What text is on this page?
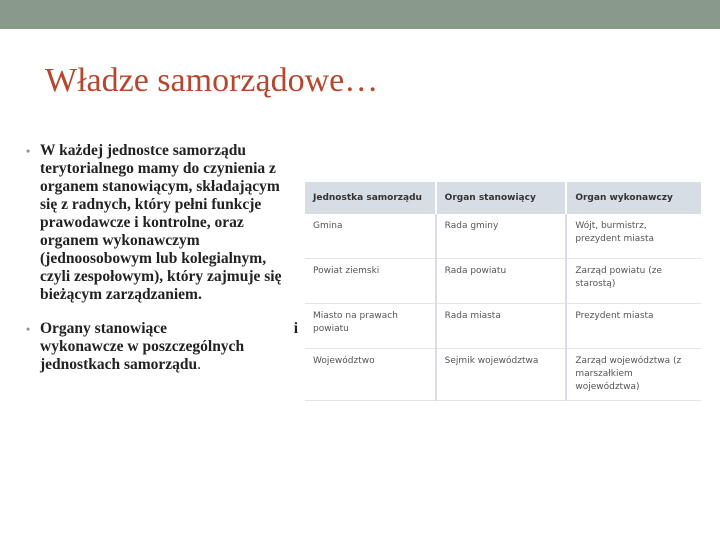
Władze samorządowe…
• W każdej jednostce samorządu terytorialnego mamy do czynienia z organem stanowiącym, składającym się z radnych, który pełni funkcje prawodawcze i kontrolne, oraz organem wykonawczym (jednoosobowym lub kolegialnym, czyli zespołowym), który zajmuje się bieżącym zarządzaniem.
• Organy stanowiące	i
wykonawcze w poszczególnych jednostkach samorządu.
Jednostka samorządu	Organ stanowiący	Organ wykonawczy
Gmina	Rada gminy	Wójt, burmistrz, prezydent miasta
Powiat ziemski	Rada powiatu	Zarząd powiatu (ze starostą)
Miasto na prawach powiatu	Rada miasta	Prezydent miasta
Województwo	Sejmik województwa	Zarząd województwa (z marszałkiem województwa)
